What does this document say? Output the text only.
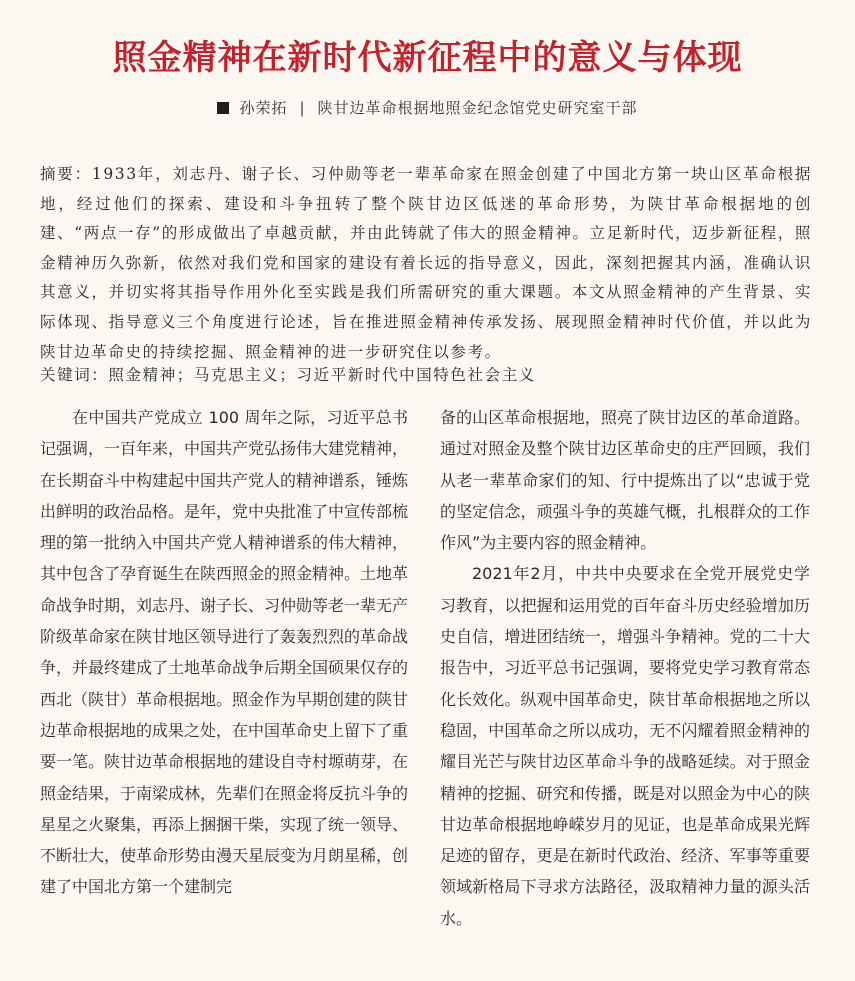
照金精神在新时代新征程中的意义与体现
孙荣拓 | 陕甘边革命根据地照金纪念馆党史研究室干部
摘要：1933年，刘志丹、谢子长、习仲勋等老一辈革命家在照金创建了中国北方第一块山区革命根据地，经过他们的探索、建设和斗争扭转了整个陕甘边区低迷的革命形势，为陕甘革命根据地的创建、“两点一存”的形成做出了卓越贡献，并由此铸就了伟大的照金精神。立足新时代，迈步新征程，照金精神历久弥新，依然对我们党和国家的建设有着长远的指导意义，因此，深刻把握其内涵，准确认识其意义，并切实将其指导作用外化至实践是我们所需研究的重大课题。本文从照金精神的产生背景、实际体现、指导意义三个角度进行论述，旨在推进照金精神传承发扬、展现照金精神时代价值，并以此为陕甘边革命史的持续挖掘、照金精神的进一步研究住以参考。
关键词：照金精神；马克思主义；习近平新时代中国特色社会主义

在中国共产党成立 100 周年之际，习近平总书记强调，一百年来，中国共产党弘扬伟大建党精神，在长期奋斗中构建起中国共产党人的精神谱系，锤炼出鲜明的政治品格。是年，党中央批准了中宣传部梳理的第一批纳入中国共产党人精神谱系的伟大精神，其中包含了孕育诞生在陕西照金的照金精神。土地革命战争时期，刘志丹、谢子长、习仲勋等老一辈无产阶级革命家在陕甘地区领导进行了轰轰烈烈的革命战争，并最终建成了土地革命战争后期全国硕果仅存的西北（陕甘）革命根据地。照金作为早期创建的陕甘边革命根据地的成果之处，在中国革命史上留下了重要一笔。陕甘边革命根据地的建设自寺村塬萌芽，在照金结果，于南梁成林，先辈们在照金将反抗斗争的星星之火聚集，再添上捆捆干柴，实现了统一领导、不断壮大，使革命形势由漫天星辰变为月朗星稀，创建了中国北方第一个建制完

备的山区革命根据地，照亮了陕甘边区的革命道路。通过对照金及整个陕甘边区革命史的庄严回顾，我们从老一辈革命家们的知、行中提炼出了以“忠诚于党的坚定信念，顽强斗争的英雄气概，扎根群众的工作作风”为主要内容的照金精神。

2021年2月，中共中央要求在全党开展党史学习教育，以把握和运用党的百年奋斗历史经验增加历史自信，增进团结统一，增强斗争精神。党的二十大报告中，习近平总书记强调，要将党史学习教育常态化长效化。纵观中国革命史，陕甘革命根据地之所以稳固，中国革命之所以成功，无不闪耀着照金精神的耀目光芒与陕甘边区革命斗争的战略延续。对于照金精神的挖掘、研究和传播，既是对以照金为中心的陕甘边革命根据地峥嵘岁月的见证，也是革命成果光辉足迹的留存，更是在新时代政治、经济、军事等重要领域新格局下寻求方法路径，汲取精神力量的源头活水。
